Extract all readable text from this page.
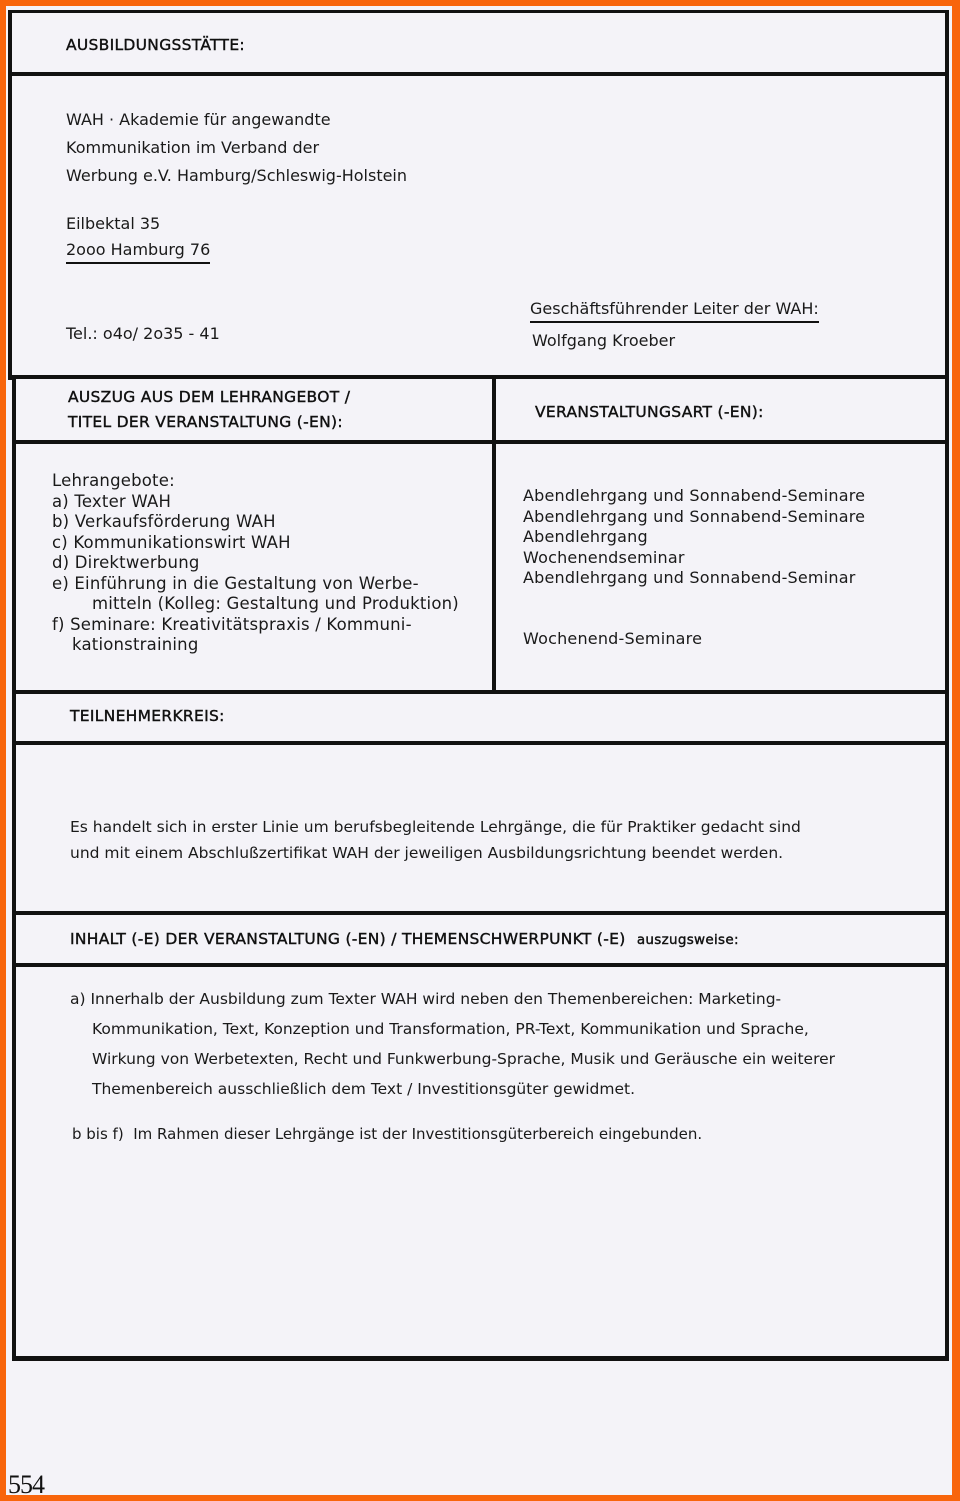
AUSBILDUNGSSTÄTTE:
WAH · Akademie für angewandte
Kommunikation im Verband der
Werbung e.V. Hamburg/Schleswig-Holstein
Eilbektal 35
2ooo Hamburg 76
Tel.: o4o/ 2o35 - 41
Geschäftsführender Leiter der WAH:
Wolfgang Kroeber
AUSZUG AUS DEM LEHRANGEBOT /
TITEL DER VERANSTALTUNG (-EN):
Lehrangebote:
a) Texter WAH
b) Verkaufsförderung WAH
c) Kommunikationswirt WAH
d) Direktwerbung
e) Einführung in die Gestaltung von Werbe-
mitteln (Kolleg: Gestaltung und Produktion)
f) Seminare: Kreativitätspraxis / Kommuni-
kationstraining
VERANSTALTUNGSART (-EN):
Abendlehrgang und Sonnabend-Seminare
Abendlehrgang und Sonnabend-Seminare
Abendlehrgang
Wochenendseminar
Abendlehrgang und Sonnabend-Seminar
Wochenend-Seminare
TEILNEHMERKREIS:
Es handelt sich in erster Linie um berufsbegleitende Lehrgänge, die für Praktiker gedacht sind
und mit einem Abschlußzertifikat WAH der jeweiligen Ausbildungsrichtung beendet werden.
INHALT (-E) DER VERANSTALTUNG (-EN) / THEMENSCHWERPUNKT (-E) auszugsweise:
a) Innerhalb der Ausbildung zum Texter WAH wird neben den Themenbereichen: Marketing-
Kommunikation, Text, Konzeption und Transformation, PR-Text, Kommunikation und Sprache,
Wirkung von Werbetexten, Recht und Funkwerbung-Sprache, Musik und Geräusche ein weiterer
Themenbereich ausschließlich dem Text / Investitionsgüter gewidmet.
b bis f)  Im Rahmen dieser Lehrgänge ist der Investitionsgüterbereich eingebunden.
554
